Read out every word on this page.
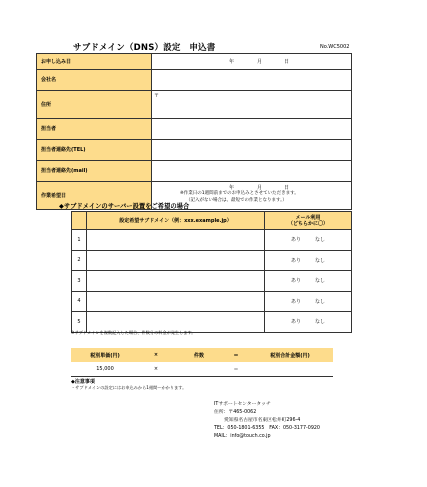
サブドメイン（DNS）設定　申込書	No.WC5002
お申し込み日	年 月 日

会社名	
住所	〒

担当者	
担当者連絡先(TEL)	
担当者連絡先(mail)	
作業希望日	年 月 日
※作業日の1週間前までのお申込みとさせていただきます。
（記入がない場合は、最短での作業となります。）
◆サブドメインのサーバー設置をご希望の場合
	設定希望サブドメイン（例：xxx.example.jp）	メール利用
（どちらかに〇）

1		あり なし
2		あり なし
3		あり なし
4		あり なし
5		あり なし
※サブドメインを複数記入した場合、件数分の料金が発生します。
税別単価(円)	×	件数	＝	税別合計金額(円)
15,000	×		＝	
◆注意事項
・サブドメインの設定にはお申込みから1週間～かかります。
ITサポートセンタータッチ
住所：〒465-0062
愛知県名古屋市名東区松井町296-4
TEL：050-1801-6355　FAX：050-3177-0920
MAIL：info@touch.co.jp
